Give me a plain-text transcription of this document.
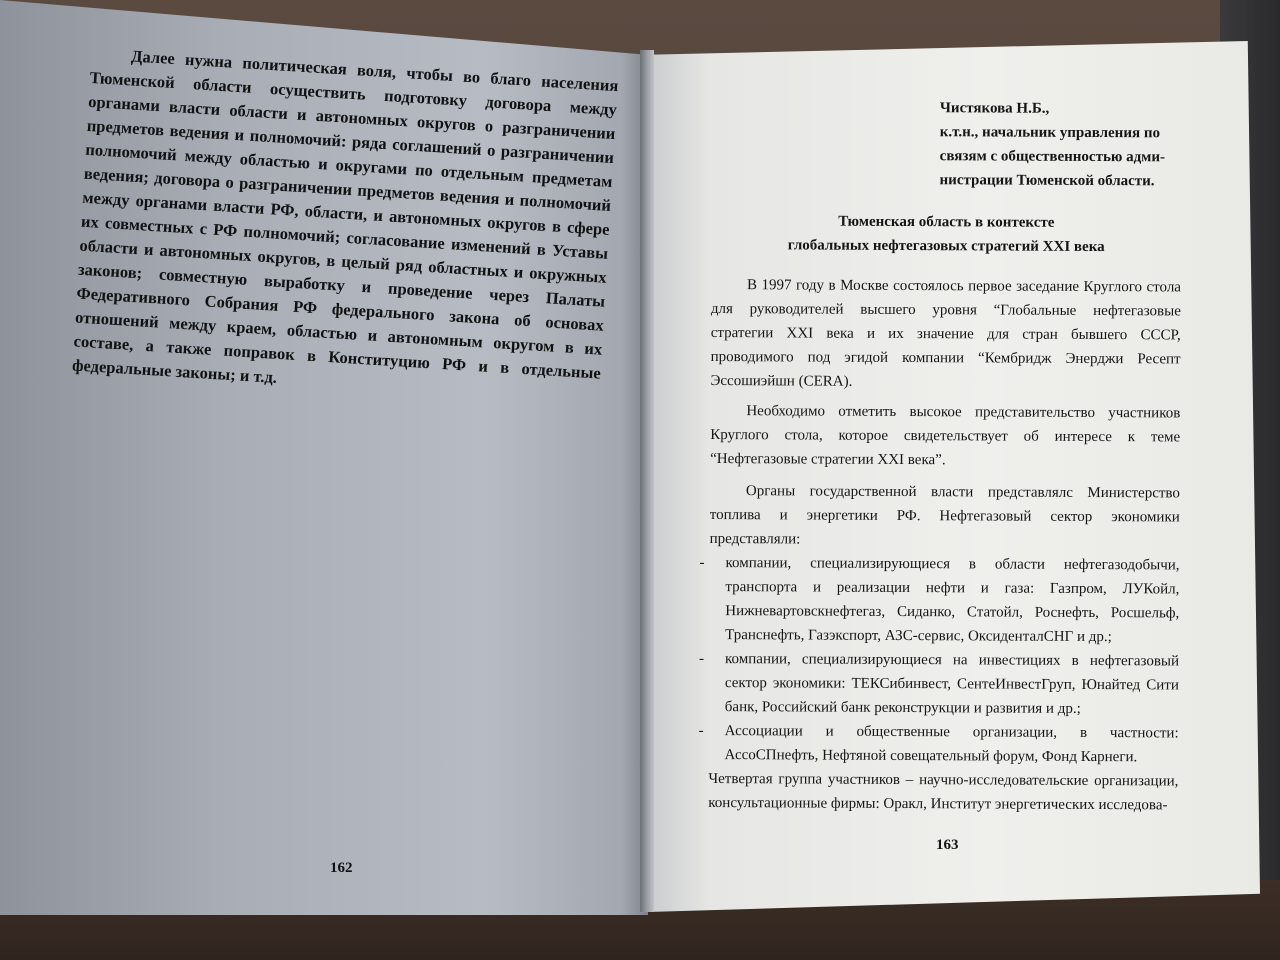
Далее нужна политическая воля, чтобы во благо населения Тюменской области осуществить подготовку договора между органами власти области и автономных округов о разграничении предметов ведения и полномочий: ряда соглашений о разграничении полномочий между областью и округами по отдельным предметам ведения; договора о разграничении предметов ведения и полномочий между органами власти РФ, области, и автономных округов в сфере их совместных с РФ полномочий; согласование изменений в Уставы области и автономных округов, в целый ряд областных и окружных законов; совместную выработку и проведение через Палаты Федеративного Собрания РФ федерального закона об основах отношений между краем, областью и автономным округом в их составе, а также поправок в Конституцию РФ и в отдельные федеральные законы; и т.д.

162
Чистякова Н.Б.,
к.т.н., начальник управления по
связям с общественностью адми-
нистрации Тюменской области.
Тюменская область в контексте
глобальных нефтегазовых стратегий XXI века

В 1997 году в Москве состоялось первое заседание Круглого стола для руководителей высшего уровня “Глобальные нефтегазовые стратегии XXI века и их значение для стран бывшего СССР, проводимого под эгидой компании “Кембридж Энерджи Ресепт Эссошиэйшн (CERA).

Необходимо отметить высокое представительство участников Круглого стола, которое свидетельствует об интересе к теме “Нефтегазовые стратегии XXI века”.

Органы государственной власти представлялс Министерство топлива и энергетики РФ. Нефтегазовый сектор экономики представляли:

- компании, специализирующиеся в области нефтегазодобычи, транспорта и реализации нефти и газа: Газпром, ЛУКойл, Нижневартовскнефтегаз, Сиданко, Статойл, Роснефть, Росшельф, Транснефть, Газэкспорт, АЗС-сервис, ОксиденталСНГ и др.;
- компании, специализирующиеся на инвестициях в нефтегазовый сектор экономики: ТЕКСибинвест, СентеИнвестГруп, Юнайтед Сити банк, Российский банк реконструкции и развития и др.;
- Ассоциации и общественные организации, в частности: АссоСПнефть, Нефтяной совещательный форум, Фонд Карнеги.

Четвертая группа участников – научно-исследовательские организации, консультационные фирмы: Оракл, Институт энергетических исследова-

163
